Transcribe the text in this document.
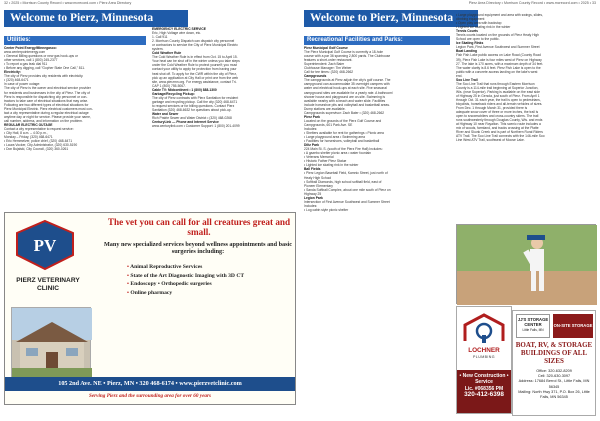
32 • 2025 • Morrison County Record • www.mcrecord.com • Pierz Area Directory
Welcome to Pierz, Minnesota
Utilities:

Center Point Energy/Minnegasco:

www.centerpointenergy.com

• General Billing questions or new gas hook-ups or

other services, call 1 (800) 245-2377

• To report a gas leak dial 911

• Before any digging, call "Gopher State One Call," 811.

Electricity:

The city of Pierz provides city residents with electricity.

• (320) 468-6471

In case of power outage:

The city of Pierz is the owner and electrical service provider

for residents and businesses in the city of Pierz. The city of

Pierz is responsible for dispatching city personnel or con-

tractors to take care of electrical situations that may arise.

Following are two different types of electrical situations for

Pierz Municipal Electric. Pierz electrical customers must con-

tact a city representative during a regular electrical outage

anytime day or night for service. Please provide your name,

call number, address, and information on the problem.

REGULAR ELECTRIC OUTAGE

Contact a city representative to request service:

• City Hall, 8 a.m. – 4:30 p.m.,

Monday – Friday, (320) 468-6471

• Eric Hemmelver, police chief, (320) 468-6471

• Laura Vocker, City Administrator, (320) 630-5190

• Don Bujalski, City Council, (320) 360-0261

EMERGENCY ELECTRIC SERVICE

Eric, High Voltage wire down, etc.

1. Call 911

2. Morrison County Dispatch can dispatch city personnel

or contractors to service the City of Pierz Municipal Electric

system.

Cold Weather Rule

The Cold Weather Rule is in effect from Oct. 15 to April 15.

Your heat can be shut off in the winter unless you take steps

under the Cold Weather Rule to protect yourself; you must

contact your utility to apply for protection from having your

heat shut off. To apply for the CWR within the city of Pierz,

pick up an application at City Hall or print one from the web

site, www.pierzmn.org. For energy assistance, contact Tri-

CAP 1 (800) 755-5067.

Cable TV: Midcontinent • 1 (800) 888-1300

Garbage/Recycling Pickup:

The city of Pierz contracts with Pierz Sanitation for resident

garbage and recycling pickup. Call the city (320) 468-6471

to request services or for billing questions. Contact Pierz

Sanitation (320) 468-6632 for questions about pick-up.

Water and Sewer

Rich Prairie Sewer and Water District • (320) 468-0268

CenturyLink — Phone and Internet Service

www.centurylink.com • Customer Support: 1 (800) 201-4099

PV
PIERZ VETERINARY
CLINIC
The vet you can call for all creatures great and small.
Many new specialized services beyond wellness appointments and basic surgeries including:
• Animal Reproductive Services
• State of the Art Diagnostic Imaging with 3D CT
• Endoscopy • Orthopedic surgeries
• Online pharmacy
105 2nd Ave. NE • Pierz, MN • 320 468-6174 • www.pierzvetclinic.com
Serving Pierz and the surrounding area for over 60 years
Pierz Area Directory • Morrison County Record • www.mcrecord.com • 2025 • 33
Welcome to Pierz, Minnesota
Recreational Facilities and Parks:

Pierz Municipal Golf Course

The Pierz Municipal Golf Course is currently a 18-hole

course with a par 36 spanning 2,800 yards. The Clubhouse

features a short-order restaurant.

Superintendent: Zach Baier

Clubhouse Manager: Tim Weber

Call for tee times: (320) 468-2662

Campgrounds

The campgrounds at Pierz adjoin the city's golf course. The

campground can accommodate 35 overnight campers with

water and electrical hook-ups at each site. Five seasonal

campground sites are available for a yearly rate. A bathroom/

shower house and playground are on-site. Swimming is

available nearby with a beach and water slide. Facilities

include horseshoe pits and volleyball and basketball areas.

Dump stations are available.

Campgrounds supervisor: Zach Baier • (320) 468-2662

Pierz Park

Located on the grounds of the Pierz Golf Course and

Campgrounds, 601 Park Ave. SE

Includes:

• Shelters available for rent for gatherings • Picnic area

• Large playground area • Swimming area

• Facilities for horseshoes, volleyball and basketball

Diltz Park

224 Main St. S. (south of the Pierz Fire Hall) Includes:

• A gazebo shelter picnic area • water fountain

• Veterans Memorial

• Historic Father Pierz Statue

• Lighted ice skating rink in the winter

Ball Fields

• Pierz Legion Baseball Field, Kamnic Street, just north of

Healy High School

• Softball Diamonds, high school softball field, east of

Pioneer Elementary

• Sanda Softball Complex, about one mile south of Pierz on

Highway 25

Legion Park

Intersection of First Avenue Southwest and Summer Street

Includes:

• Log cabin style picnic shelter

• Large playground equipment and area with swings, slides,

climbing equipment

• Open play area with backstop

• Lighted ice skating rink in the winter

Tennis Courts

Tennis courts located on the grounds of Pierz Healy High

School are open to the public.

Ice Skating Rinks

Legion Park, First Avenue Southwest and Summer Street

Boat Landing

Fish Fish Lake public access on Lake Road (County Road

39), Pierz Fish Lake is four miles west of Pierz on Highway

27. The lake is 170 acres, with a maximum depth of 34 feet.

The water clarity is 8.6 feet. Pierz Fish Lake is open to the

public with a concrete access landing on the lake's west

end.

Soo Line Trail

The Soo Line Trail that runs through Eastern Morrison

County is a 114-mile trail beginning at Superior Junction,

Wis. (near Superior). Parking is available on the east side

of Highway 25 in Genola, just south of Pierz. From April 1

through Oct. 31 each year, the trail is open to pedestrians,

bicyclists, horseback riders and all-terrain vehicles of sizes.

From Dec. 1 through March 31, provided there is

adequate snow cover of three or more inches, the trail is

open to snowmobilers and cross-country skiers. The trail

runs southwesterly through Douglas County, Wis. and ends

at Highway 10 near Royalton. This scenic route includes a

mix of woods, farmland, and tracks crossing at the Platte

River and Skunk Creek and is part of Northern Rural Riders

ATV Trail. The Soo Line Trail connects with the 146-mile Soo

Line West ATV Trail, southwest of Moose Lake.

LOCHNER
PLUMBING
• New Construction • Service
Lic. #068356 PM
320-412-6398
JJ'S STORAGE CENTER
Little Falls, MN
ON-SITE STORAGE
BOAT, RV, & STORAGE BUILDINGS OF ALL SIZES
Office: 320-632-8209
Cell: 320-630-3097
Address: 17684 Berrol St., Little Falls, MN 56345
Mailing: North Hwy 371, P.O. Box 26, Little Falls, MN 56345
